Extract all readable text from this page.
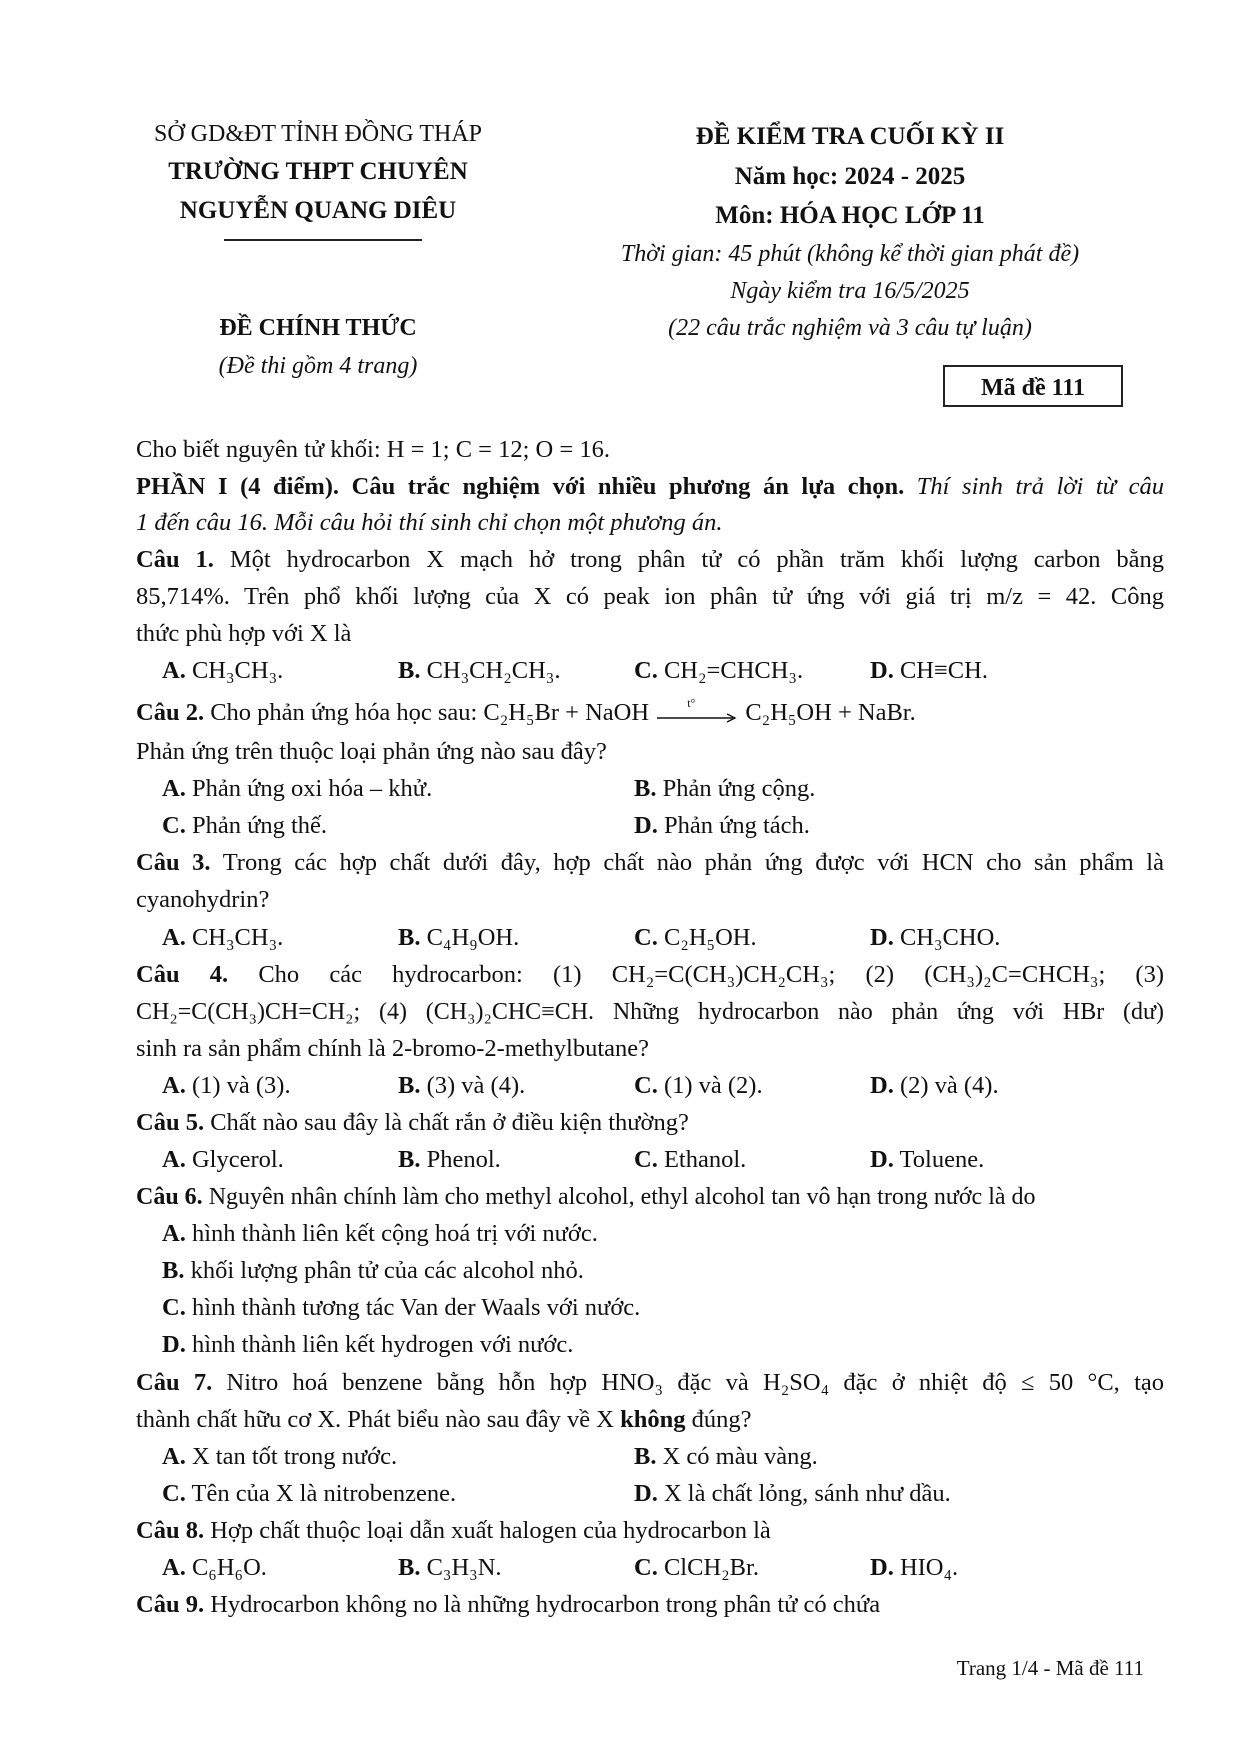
SỞ GD&ĐT TỈNH ĐỒNG THÁP
TRƯỜNG THPT CHUYÊN
NGUYỄN QUANG DIÊU
ĐỀ CHÍNH THỨC
(Đề thi gồm 4 trang)
ĐỀ KIỂM TRA CUỐI KỲ II
Năm học: 2024 - 2025
Môn: HÓA HỌC LỚP 11
Thời gian: 45 phút (không kể thời gian phát đề)
Ngày kiểm tra 16/5/2025
(22 câu trắc nghiệm và 3 câu tự luận)
Mã đề 111
Cho biết nguyên tử khối: H = 1; C = 12; O = 16.
PHẦN I (4 điểm). Câu trắc nghiệm với nhiều phương án lựa chọn. Thí sinh trả lời từ câu
1 đến câu 16. Mỗi câu hỏi thí sinh chỉ chọn một phương án.
Câu 1. Một hydrocarbon X mạch hở trong phân tử có phần trăm khối lượng carbon bằng
85,714%. Trên phổ khối lượng của X có peak ion phân tử ứng với giá trị m/z = 42. Công
thức phù hợp với X là
A. CH₃CH₃.	B. CH₃CH₂CH₃.	C. CH₂=CHCH₃.	D. CH≡CH.
Câu 2. Cho phản ứng hóa học sau: C₂H₅Br + NaOH	t° C₂H₅OH + NaBr.
Phản ứng trên thuộc loại phản ứng nào sau đây?
A. Phản ứng oxi hóa – khử.	B. Phản ứng cộng.
C. Phản ứng thế.	D. Phản ứng tách.
Câu 3. Trong các hợp chất dưới đây, hợp chất nào phản ứng được với HCN cho sản phẩm là
cyanohydrin?
A. CH₃CH₃.	B. C₄H₉OH.	C. C₂H₅OH.	D. CH₃CHO.
Câu 4. Cho các hydrocarbon: (1) CH₂=C(CH₃)CH₂CH₃; (2) (CH₃)₂C=CHCH₃; (3)
CH₂=C(CH₃)CH=CH₂; (4) (CH₃)₂CHC≡CH. Những hydrocarbon nào phản ứng với HBr (dư)
sinh ra sản phẩm chính là 2-bromo-2-methylbutane?
A. (1) và (3).	B. (3) và (4).	C. (1) và (2).	D. (2) và (4).
Câu 5. Chất nào sau đây là chất rắn ở điều kiện thường?
A. Glycerol.	B. Phenol.	C. Ethanol.	D. Toluene.
Câu 6. Nguyên nhân chính làm cho methyl alcohol, ethyl alcohol tan vô hạn trong nước là do
A. hình thành liên kết cộng hoá trị với nước.
B. khối lượng phân tử của các alcohol nhỏ.
C. hình thành tương tác Van der Waals với nước.
D. hình thành liên kết hydrogen với nước.
Câu 7. Nitro hoá benzene bằng hỗn hợp HNO₃ đặc và H₂SO₄ đặc ở nhiệt độ ≤ 50 °C, tạo
thành chất hữu cơ X. Phát biểu nào sau đây về X không đúng?
A. X tan tốt trong nước.	B. X có màu vàng.
C. Tên của X là nitrobenzene.	D. X là chất lỏng, sánh như dầu.
Câu 8. Hợp chất thuộc loại dẫn xuất halogen của hydrocarbon là
A. C₆H₆O.	B. C₃H₃N.	C. ClCH₂Br.	D. HIO₄.
Câu 9. Hydrocarbon không no là những hydrocarbon trong phân tử có chứa
Trang 1/4 - Mã đề 111
